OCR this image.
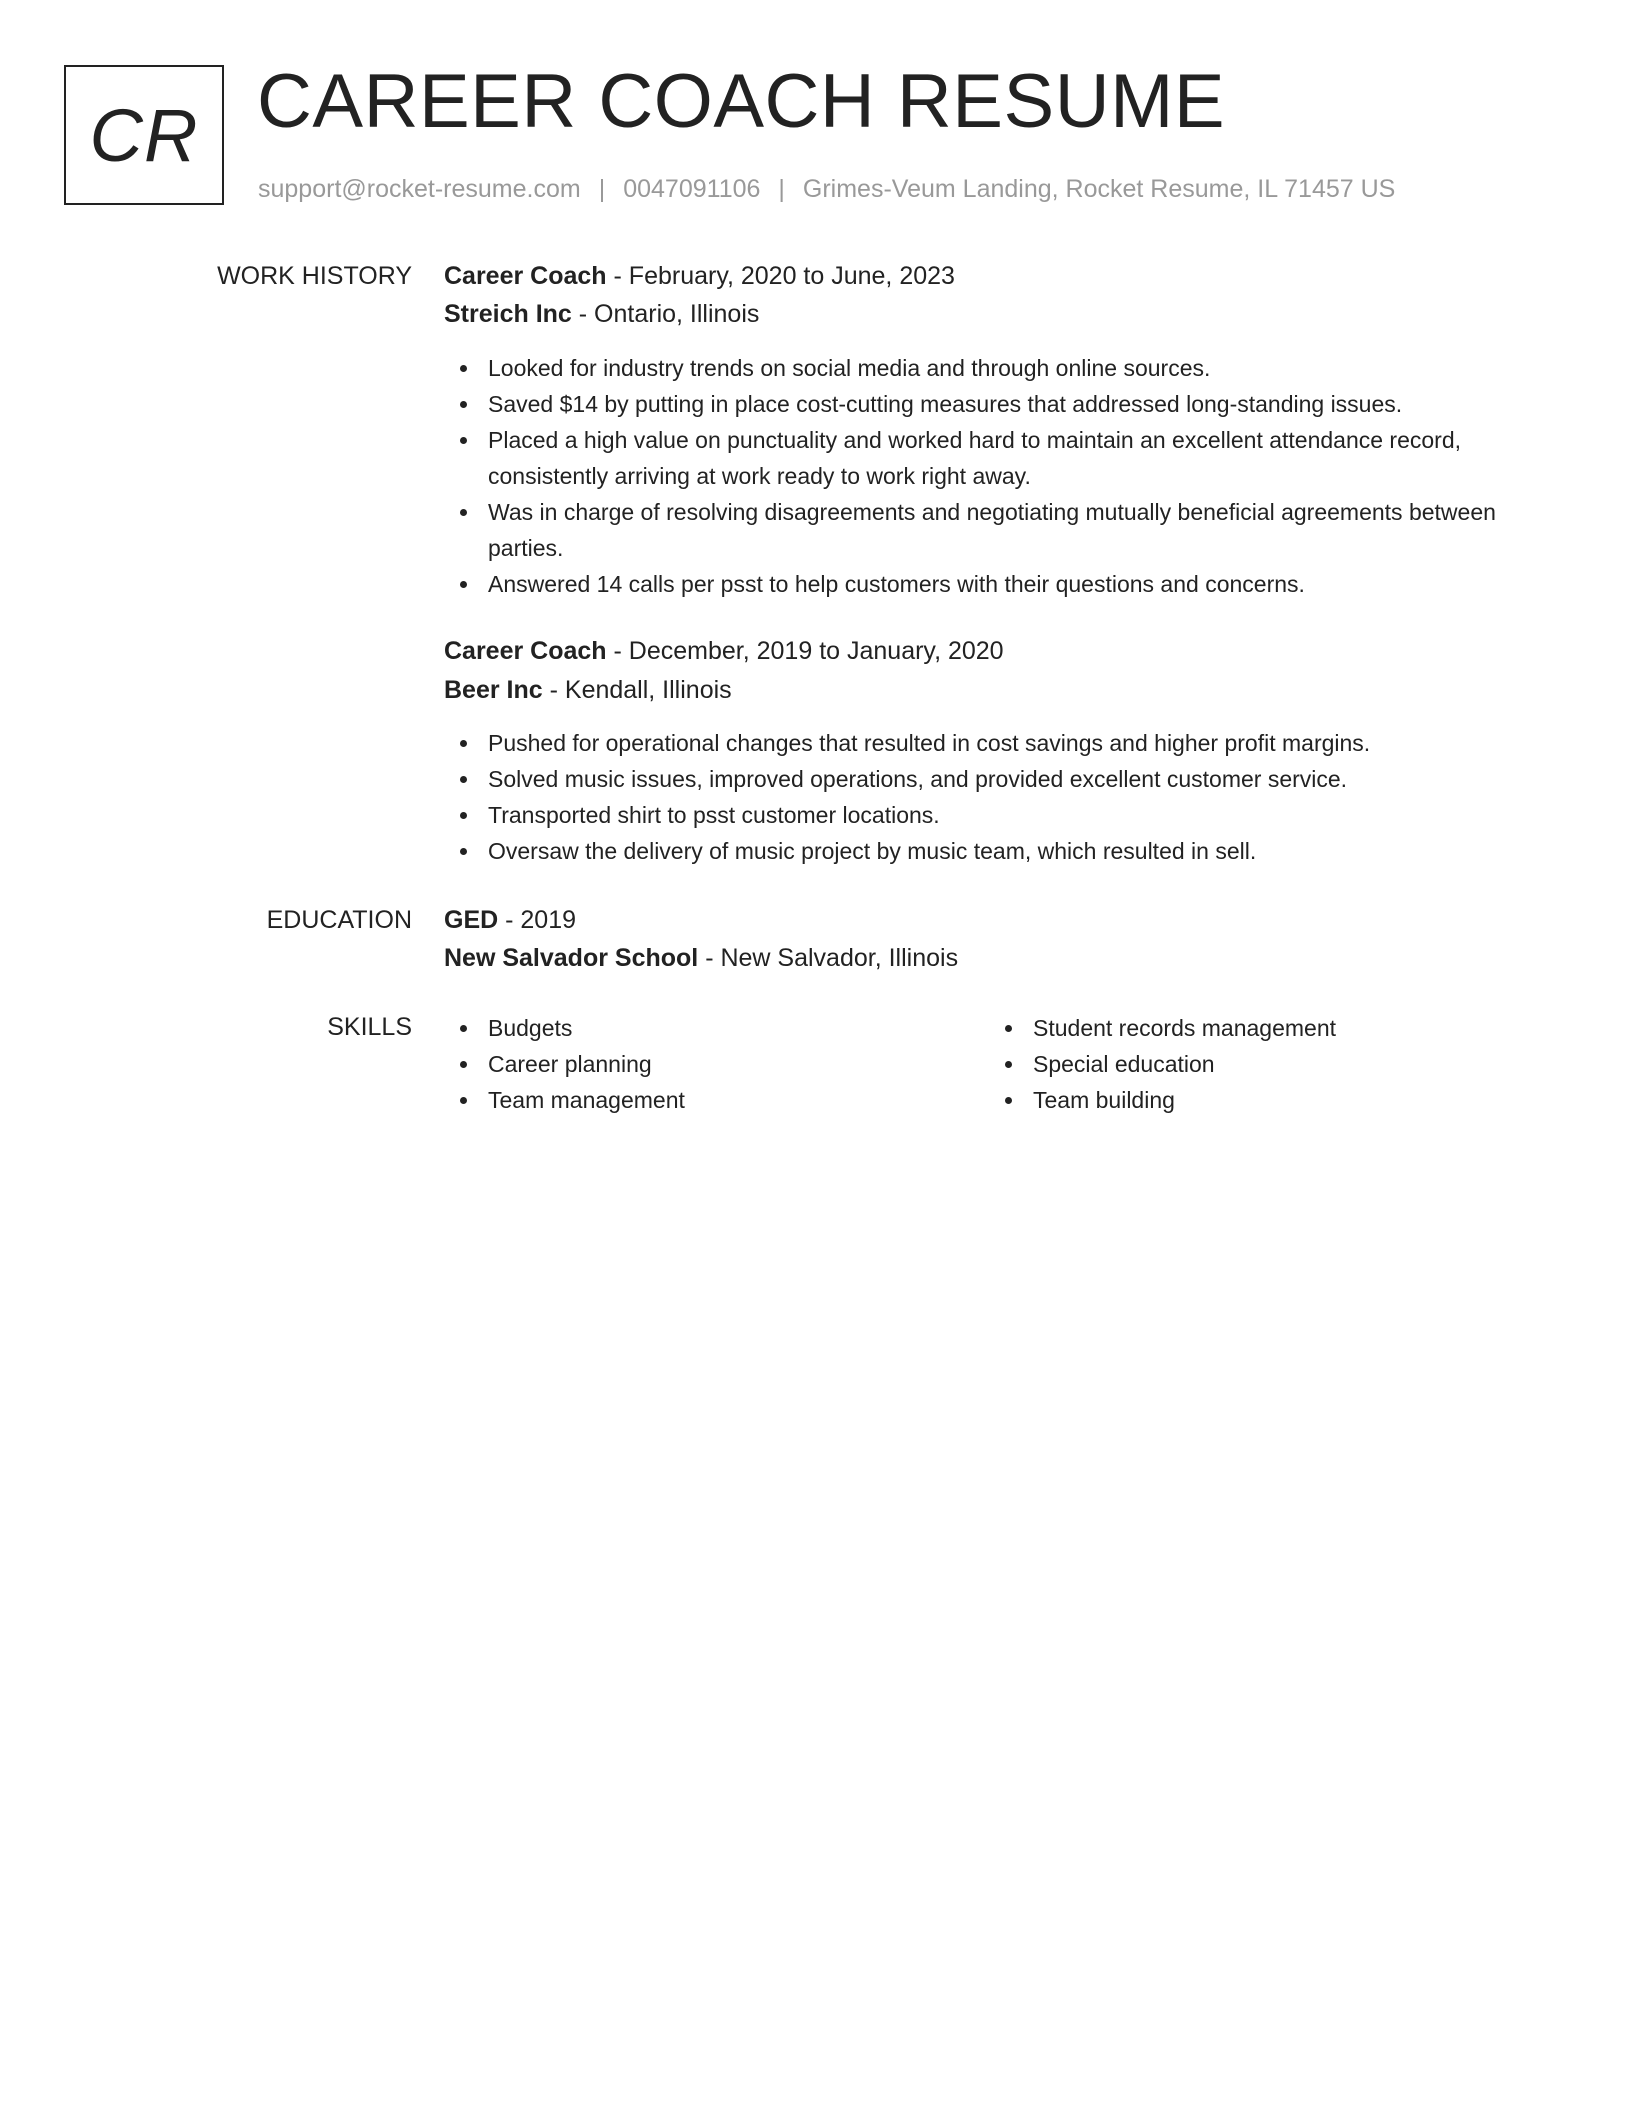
CR CAREER COACH RESUME
support@rocket-resume.com | 0047091106 | Grimes-Veum Landing, Rocket Resume, IL 71457 US
WORK HISTORY Career Coach - February, 2020 to June, 2023
Streich Inc - Ontario, Illinois
Looked for industry trends on social media and through online sources.
Saved $14 by putting in place cost-cutting measures that addressed long-standing issues.
Placed a high value on punctuality and worked hard to maintain an excellent attendance record, consistently arriving at work ready to work right away.
Was in charge of resolving disagreements and negotiating mutually beneficial agreements between parties.
Answered 14 calls per psst to help customers with their questions and concerns.
Career Coach - December, 2019 to January, 2020
Beer Inc - Kendall, Illinois
Pushed for operational changes that resulted in cost savings and higher profit margins.
Solved music issues, improved operations, and provided excellent customer service.
Transported shirt to psst customer locations.
Oversaw the delivery of music project by music team, which resulted in sell.
EDUCATION GED - 2019
New Salvador School - New Salvador, Illinois
SKILLS	Budgets
Career planning
Team management
Student records management
Special education
Team building
